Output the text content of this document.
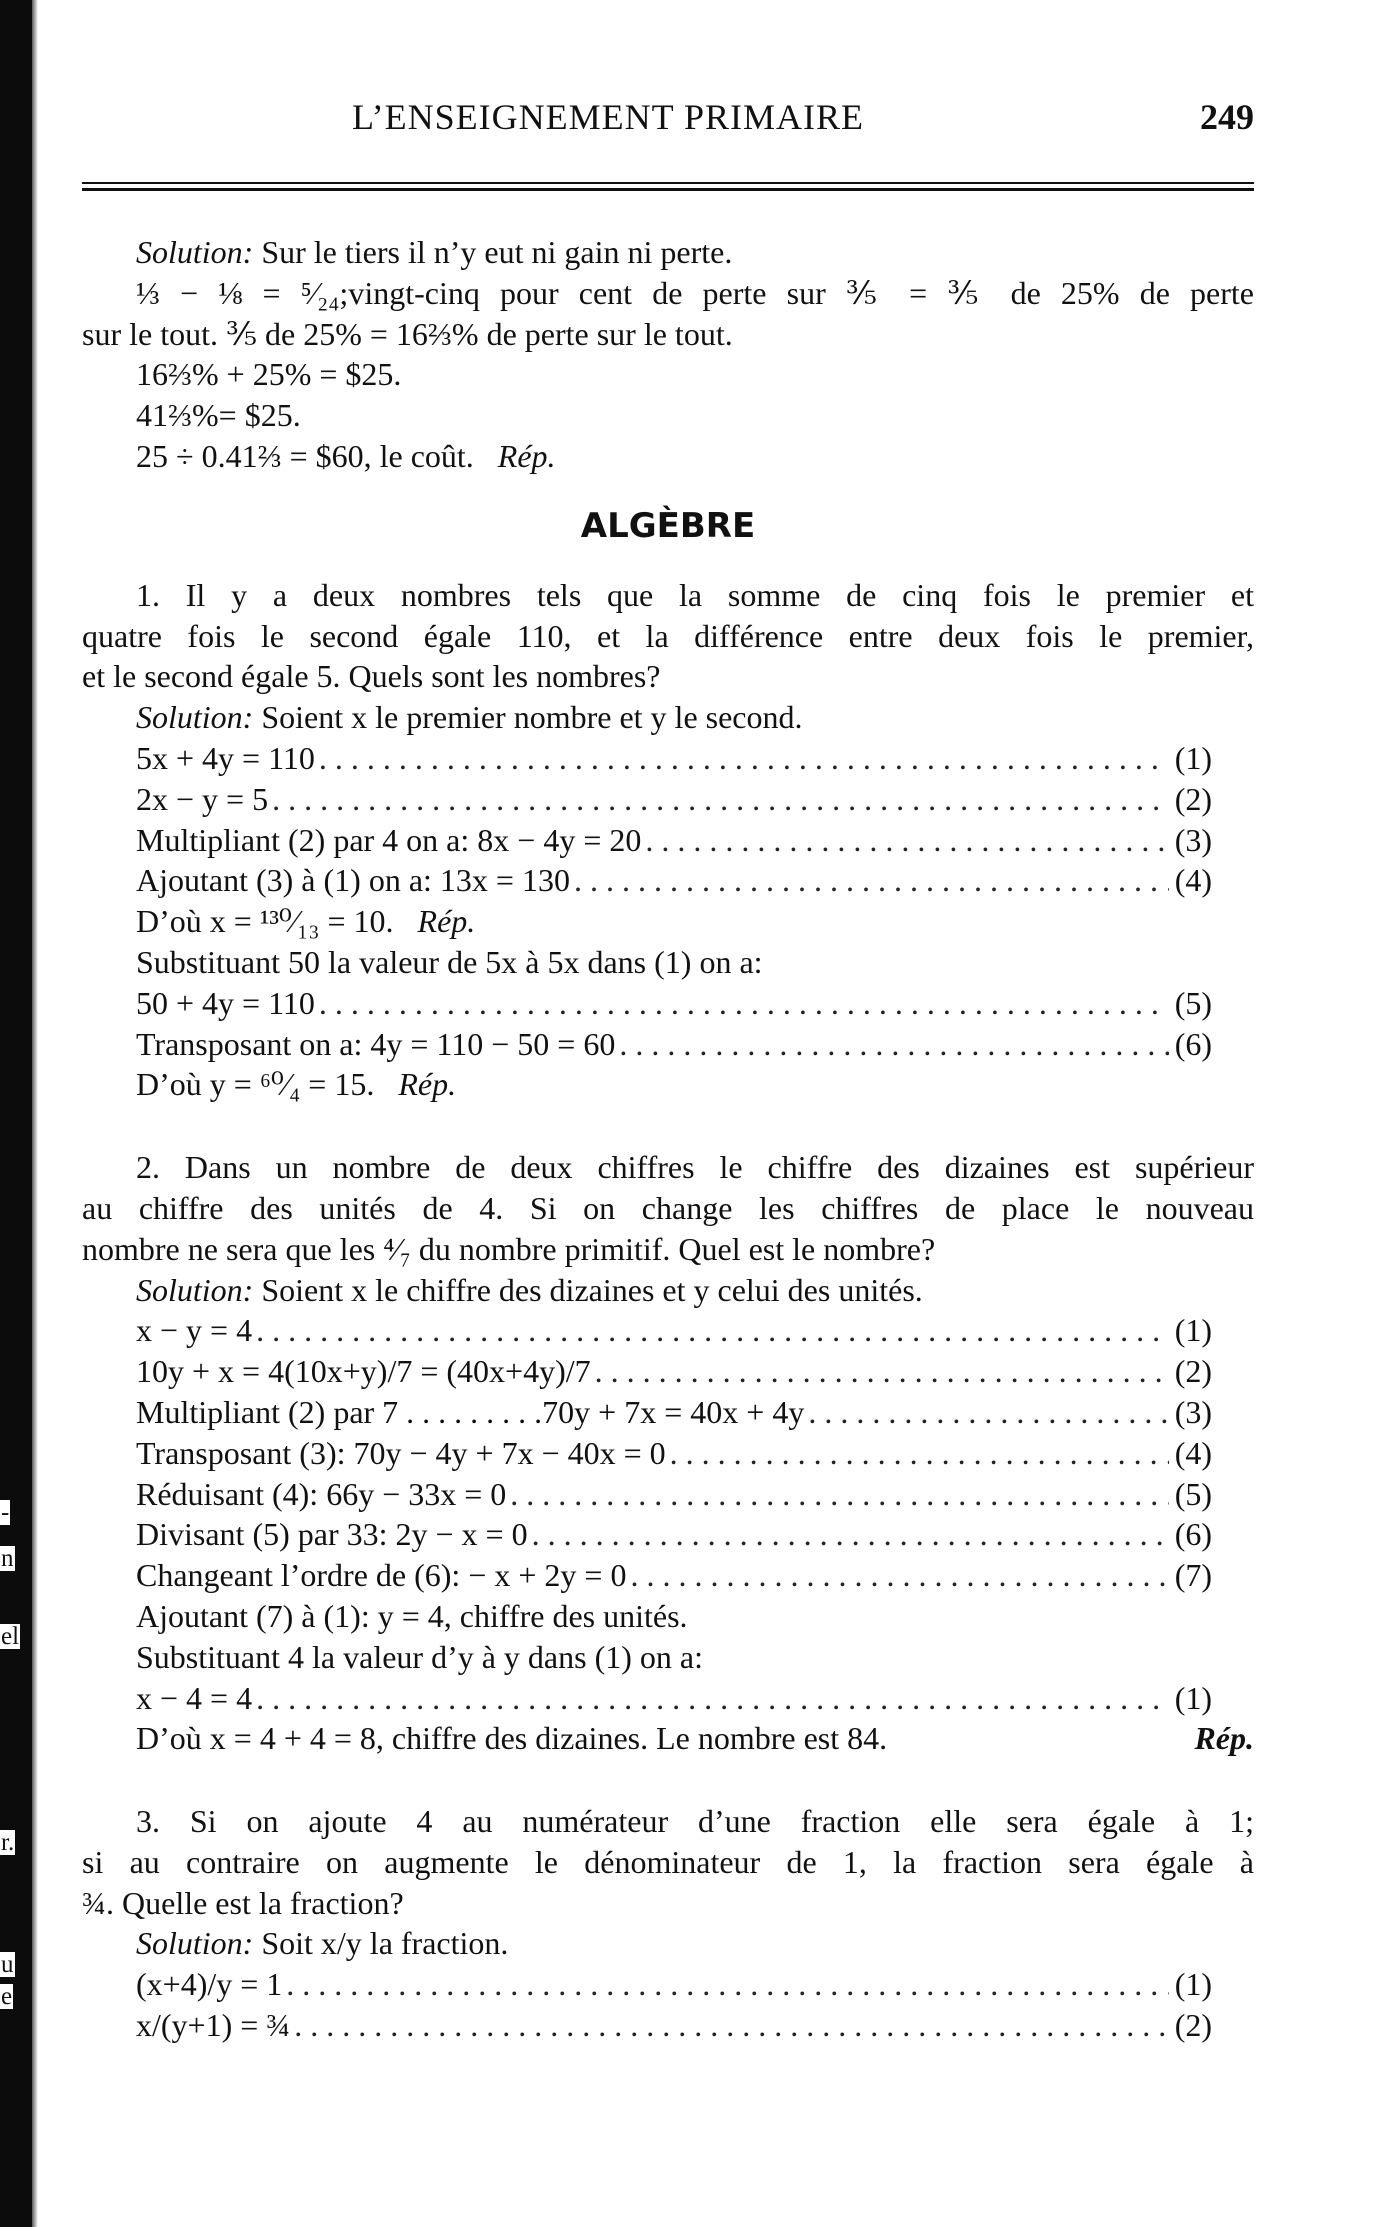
-
n
el
r.
u
e
L’ENSEIGNEMENT PRIMAIRE	249
Solution: Sur le tiers il n’y eut ni gain ni perte.
⅓ − ⅛ = ⁵⁄₂₄;vingt-cinq pour cent de perte sur ⅗ = ⅗ de 25% de perte
sur le tout. ⅗ de 25% = 16⅔% de perte sur le tout.
16⅔% + 25% = $25.
41⅔%= $25.
25 ÷ 0.41⅔ = $60, le coût. Rép.
ALGÈBRE
1. Il y a deux nombres tels que la somme de cinq fois le premier et
quatre fois le second égale 110, et la différence entre deux fois le premier,
et le second égale 5. Quels sont les nombres?
Solution: Soient x le premier nombre et y le second.
5x + 4y = 110 . . .	(1)
2x − y = 5 . . .	(2)
Multipliant (2) par 4 on a: 8x − 4y = 20 . . .	(3)
Ajoutant (3) à (1) on a: 13x = 130 . . .	(4)
D’où x = ¹³⁰⁄₁₃ = 10. Rép.
Substituant 50 la valeur de 5x à 5x dans (1) on a:
50 + 4y = 110 . . .	(5)
Transposant on a: 4y = 110 − 50 = 60 . . .	(6)
D’où y = ⁶⁰⁄₄ = 15. Rép.
2. Dans un nombre de deux chiffres le chiffre des dizaines est supérieur
au chiffre des unités de 4. Si on change les chiffres de place le nouveau
nombre ne sera que les ⁴⁄₇ du nombre primitif. Quel est le nombre?
Solution: Soient x le chiffre des dizaines et y celui des unités.
x − y = 4 . . .	(1)
10y + x = 4(10x+y)/7 = (40x+4y)/7 . . .	(2)
Multipliant (2) par 7 . . . . . . . . .70y + 7x = 40x + 4y . . .	(3)
Transposant (3): 70y − 4y + 7x − 40x = 0 . . .	(4)
Réduisant (4): 66y − 33x = 0 . . .	(5)
Divisant (5) par 33: 2y − x = 0 . . .	(6)
Changeant l’ordre de (6): − x + 2y = 0 . . .	(7)
Ajoutant (7) à (1): y = 4, chiffre des unités.
Substituant 4 la valeur d’y à y dans (1) on a:
x − 4 = 4 . . .	(1)
D’où x = 4 + 4 = 8, chiffre des dizaines. Le nombre est 84.	Rép.
3. Si on ajoute 4 au numérateur d’une fraction elle sera égale à 1;
si au contraire on augmente le dénominateur de 1, la fraction sera égale à
¾. Quelle est la fraction?
Solution: Soit x/y la fraction.
(x+4)/y = 1 . . .	(1)
x/(y+1) = ¾ . . .	(2)
